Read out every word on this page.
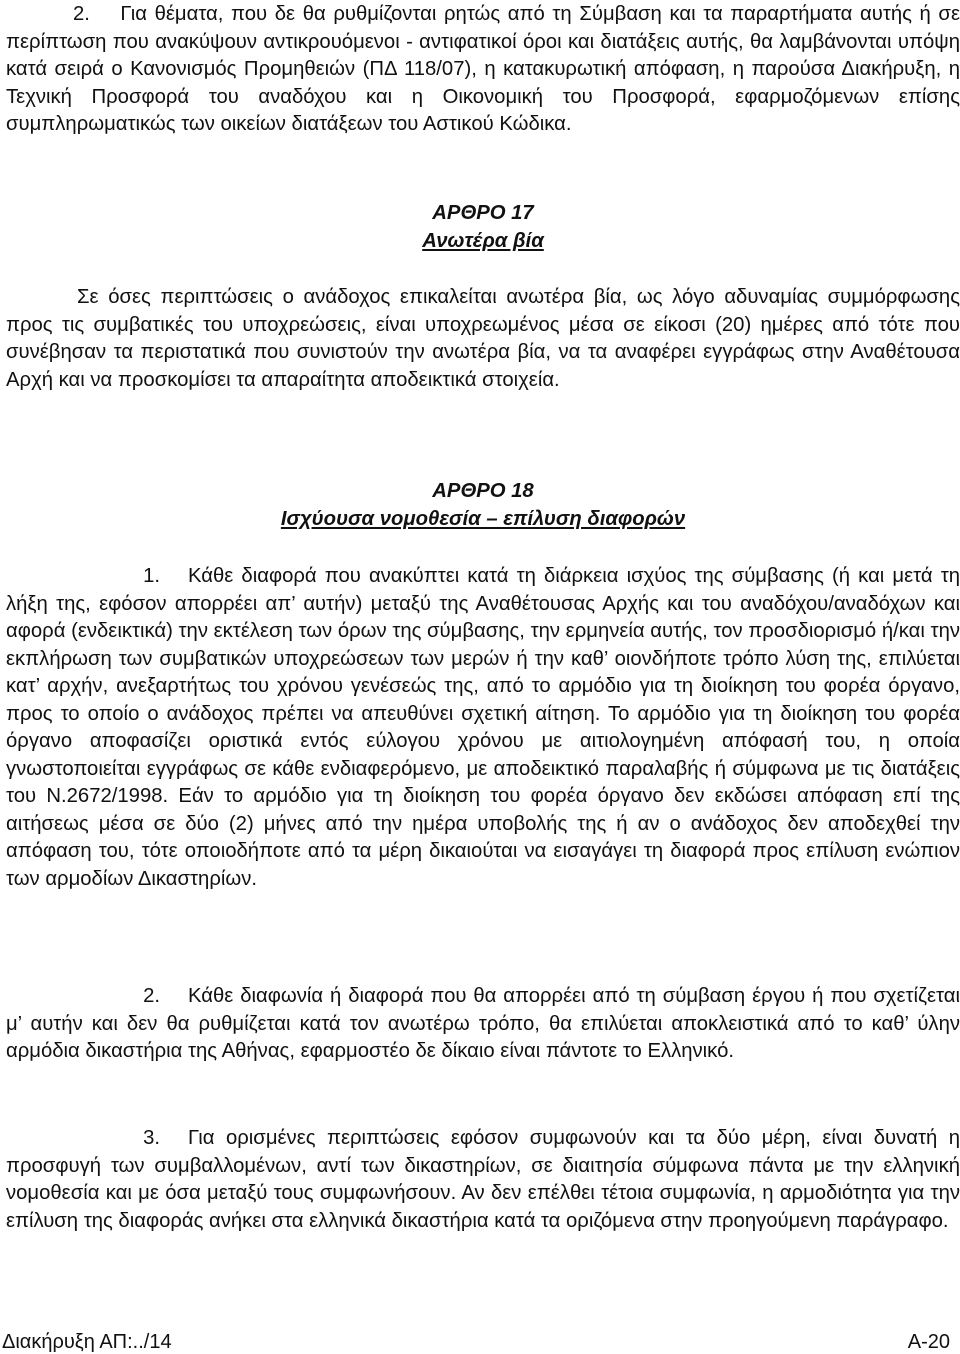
2.    Για θέματα, που δε θα ρυθμίζονται ρητώς από τη Σύμβαση και τα παραρτήματα αυτής ή σε περίπτωση που ανακύψουν αντικρουόμενοι - αντιφατικοί όροι και διατάξεις αυτής, θα λαμβάνονται υπόψη κατά σειρά ο Κανονισμός Προμηθειών (ΠΔ 118/07), η κατακυρωτική απόφαση, η παρούσα Διακήρυξη, η Τεχνική Προσφορά του αναδόχου και η Οικονομική του Προσφορά, εφαρμοζόμενων επίσης συμπληρωματικώς των οικείων διατάξεων του Αστικού Κώδικα.

ΑΡΘΡΟ 17
Ανωτέρα βία

Σε όσες περιπτώσεις ο ανάδοχος επικαλείται ανωτέρα βία, ως λόγο αδυναμίας συμμόρφωσης προς τις συμβατικές του υποχρεώσεις, είναι υποχρεωμένος μέσα σε είκοσι (20) ημέρες από τότε που συνέβησαν τα περιστατικά που συνιστούν την ανωτέρα βία, να τα αναφέρει εγγράφως στην Αναθέτουσα Αρχή και να προσκομίσει τα απαραίτητα αποδεικτικά στοιχεία.

ΑΡΘΡΟ 18
Ισχύουσα νομοθεσία – επίλυση διαφορών

1. Κάθε διαφορά που ανακύπτει κατά τη διάρκεια ισχύος της σύμβασης (ή και μετά τη λήξη της, εφόσον απορρέει απ’ αυτήν) μεταξύ της Αναθέτουσας Αρχής και του αναδόχου/αναδόχων και αφορά (ενδεικτικά) την εκτέλεση των όρων της σύμβασης, την ερμηνεία αυτής, τον προσδιορισμό ή/και την εκπλήρωση των συμβατικών υποχρεώσεων των μερών ή την καθ’ οιονδήποτε τρόπο λύση της, επιλύεται κατ’ αρχήν, ανεξαρτήτως του χρόνου γενέσεώς της, από το αρμόδιο για τη διοίκηση του φορέα όργανο, προς το οποίο ο ανάδοχος πρέπει να απευθύνει σχετική αίτηση. Το αρμόδιο για τη διοίκηση του φορέα όργανο αποφασίζει οριστικά εντός εύλογου χρόνου με αιτιολογημένη απόφασή του, η οποία γνωστοποιείται εγγράφως σε κάθε ενδιαφερόμενο, με αποδεικτικό παραλαβής ή σύμφωνα με τις διατάξεις του Ν.2672/1998. Εάν το αρμόδιο για τη διοίκηση του φορέα όργανο δεν εκδώσει απόφαση επί της αιτήσεως μέσα σε δύο (2) μήνες από την ημέρα υποβολής της ή αν ο ανάδοχος δεν αποδεχθεί την απόφαση του, τότε οποιοδήποτε από τα μέρη δικαιούται να εισαγάγει τη διαφορά προς επίλυση ενώπιον των αρμοδίων Δικαστηρίων.

2. Κάθε διαφωνία ή διαφορά που θα απορρέει από τη σύμβαση έργου ή που σχετίζεται μ’ αυτήν και δεν θα ρυθμίζεται κατά τον ανωτέρω τρόπο, θα επιλύεται αποκλειστικά από το καθ’ ύλην αρμόδια δικαστήρια της Αθήνας, εφαρμοστέο δε δίκαιο είναι πάντοτε το Ελληνικό.

3. Για ορισμένες περιπτώσεις εφόσον συμφωνούν και τα δύο μέρη, είναι δυνατή η προσφυγή των συμβαλλομένων, αντί των δικαστηρίων, σε διαιτησία σύμφωνα πάντα με την ελληνική νομοθεσία και με όσα μεταξύ τους συμφωνήσουν. Αν δεν επέλθει τέτοια συμφωνία, η αρμοδιότητα για την επίλυση της διαφοράς ανήκει στα ελληνικά δικαστήρια κατά τα οριζόμενα στην προηγούμενη παράγραφο.

Διακήρυξη ΑΠ:../14	Α-20
